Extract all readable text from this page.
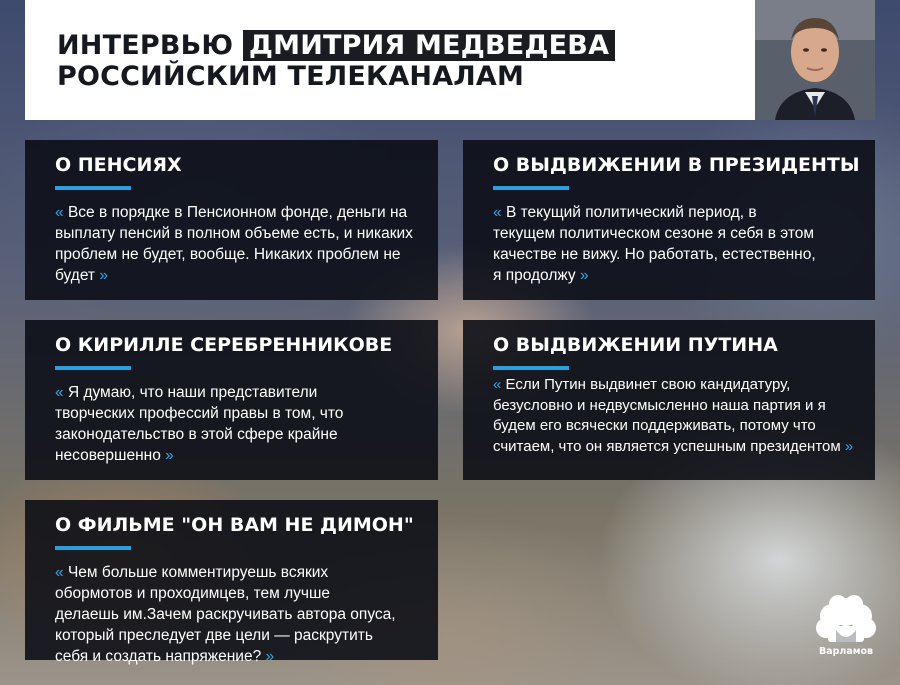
ИНТЕРВЬЮ ДМИТРИЯ МЕДВЕДЕВА
РОССИЙСКИМ ТЕЛЕКАНАЛАМ
О ПЕНСИЯХ

« Все в порядке в Пенсионном фонде, деньги на выплату пенсий в полном объеме есть, и никаких проблем не будет, вообще. Никаких проблем не будет »

О ВЫДВИЖЕНИИ В ПРЕЗИДЕНТЫ

« В текущий политический период, в текущем политическом сезоне я себя в этом качестве не вижу. Но работать, естественно, я продолжу »

О КИРИЛЛЕ СЕРЕБРЕННИКОВЕ

« Я думаю, что наши представители творческих профессий правы в том, что законодательство в этой сфере крайне несовершенно »

О ВЫДВИЖЕНИИ ПУТИНА

« Если Путин выдвинет свою кандидатуру, безусловно и недвусмысленно наша партия и я будем его всячески поддерживать, потому что считаем, что он является успешным президентом »

О ФИЛЬМЕ "ОН ВАМ НЕ ДИМОН"

« Чем больше комментируешь всяких обормотов и проходимцев, тем лучше делаешь им.Зачем раскручивать автора опуса, который преследует две цели — раскрутить себя и создать напряжение? »	Варламов
